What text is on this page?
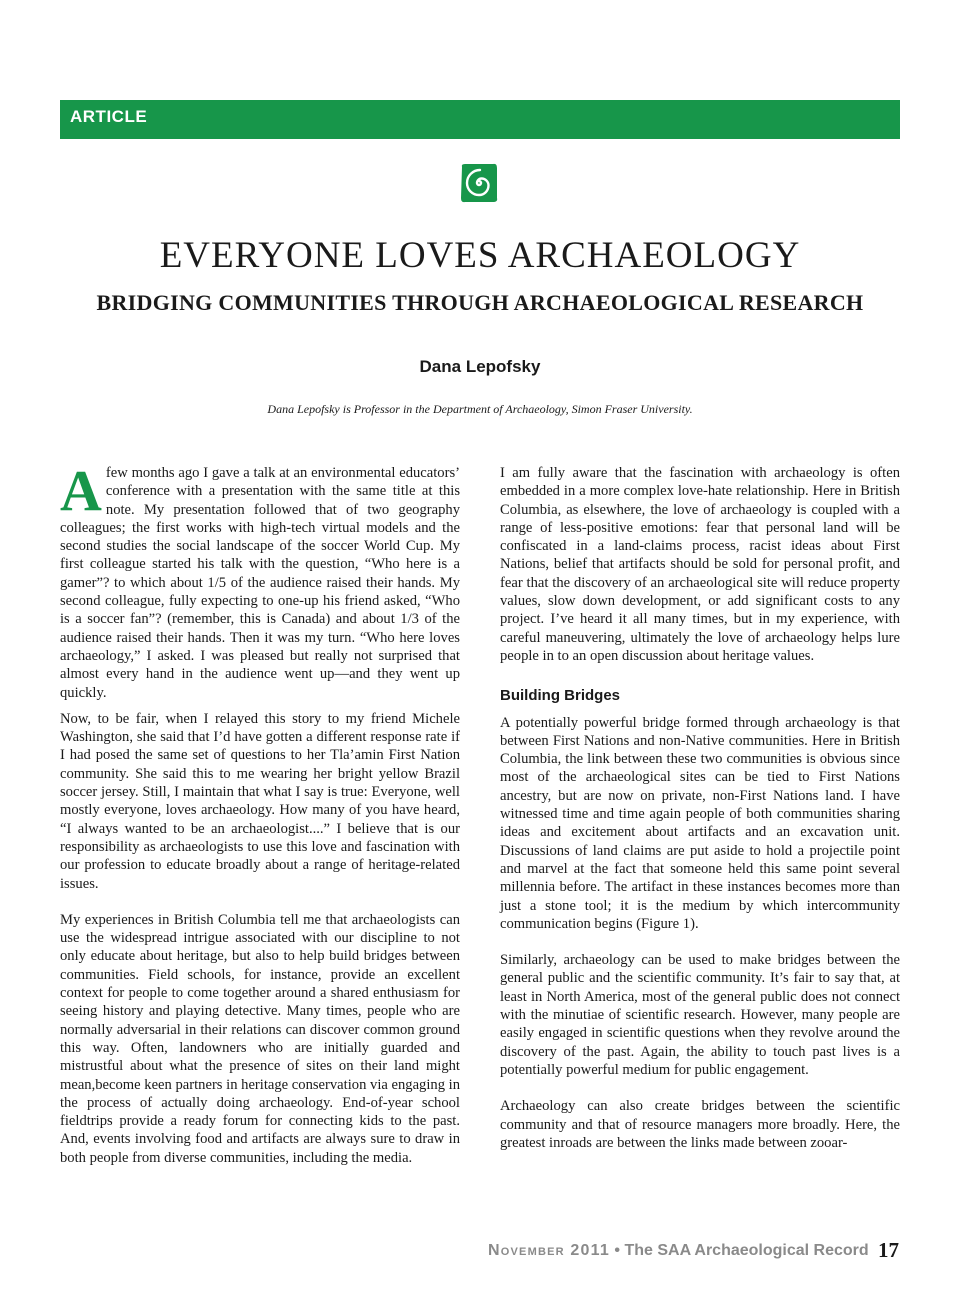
ARTICLE
EVERYONE LOVES ARCHAEOLOGY
BRIDGING COMMUNITIES THROUGH ARCHAEOLOGICAL RESEARCH
Dana Lepofsky
Dana Lepofsky is Professor in the Department of Archaeology, Simon Fraser University.

Afew months ago I gave a talk at an environmental educators’ conference with a presentation with the same title at this note. My presentation followed that of two geography colleagues; the first works with high-tech virtual models and the second studies the social landscape of the soccer World Cup. My first colleague started his talk with the question, “Who here is a gamer”? to which about 1/5 of the audience raised their hands. My second colleague, fully expecting to one-up his friend asked, “Who is a soccer fan”? (remember, this is Canada) and about 1/3 of the audience raised their hands. Then it was my turn. “Who here loves archaeology,” I asked. I was pleased but really not surprised that almost every hand in the audience went up—and they went up quickly.

Now, to be fair, when I relayed this story to my friend Michele Washington, she said that I’d have gotten a different response rate if I had posed the same set of questions to her Tla’amin First Nation community. She said this to me wearing her bright yellow Brazil soccer jersey. Still, I maintain that what I say is true: Everyone, well mostly everyone, loves archaeology. How many of you have heard, “I always wanted to be an archaeologist....” I believe that is our responsibility as archaeologists to use this love and fascination with our profession to educate broadly about a range of heritage-related issues.

My experiences in British Columbia tell me that archaeologists can use the widespread intrigue associated with our discipline to not only educate about heritage, but also to help build bridges between communities. Field schools, for instance, provide an excellent context for people to come together around a shared enthusiasm for seeing history and playing detective. Many times, people who are normally adversarial in their relations can discover common ground this way. Often, landowners who are initially guarded and mistrustful about what the presence of sites on their land might mean,become keen partners in heritage conservation via engaging in the process of actually doing archaeology. End-of-year school fieldtrips provide a ready forum for connecting kids to the past. And, events involving food and artifacts are always sure to draw in both people from diverse communities, including the media.

I am fully aware that the fascination with archaeology is often embedded in a more complex love-hate relationship. Here in British Columbia, as elsewhere, the love of archaeology is coupled with a range of less-positive emotions: fear that personal land will be confiscated in a land-claims process, racist ideas about First Nations, belief that artifacts should be sold for personal profit, and fear that the discovery of an archaeological site will reduce property values, slow down development, or add significant costs to any project. I’ve heard it all many times, but in my experience, with careful maneuvering, ultimately the love of archaeology helps lure people in to an open discussion about heritage values.

Building Bridges

A potentially powerful bridge formed through archaeology is that between First Nations and non-Native communities. Here in British Columbia, the link between these two communities is obvious since most of the archaeological sites can be tied to First Nations ancestry, but are now on private, non-First Nations land. I have witnessed time and time again people of both communities sharing ideas and excitement about artifacts and an excavation unit. Discussions of land claims are put aside to hold a projectile point and marvel at the fact that someone held this same point several millennia before. The artifact in these instances becomes more than just a stone tool; it is the medium by which intercommunity communication begins (Figure 1).

Similarly, archaeology can be used to make bridges between the general public and the scientific community. It’s fair to say that, at least in North America, most of the general public does not connect with the minutiae of scientific research. However, many people are easily engaged in scientific questions when they revolve around the discovery of the past. Again, the ability to touch past lives is a potentially powerful medium for public engagement.

Archaeology can also create bridges between the scientific community and that of resource managers more broadly. Here, the greatest inroads are between the links made between zooar-

November 2011 • The SAA Archaeological Record 17
